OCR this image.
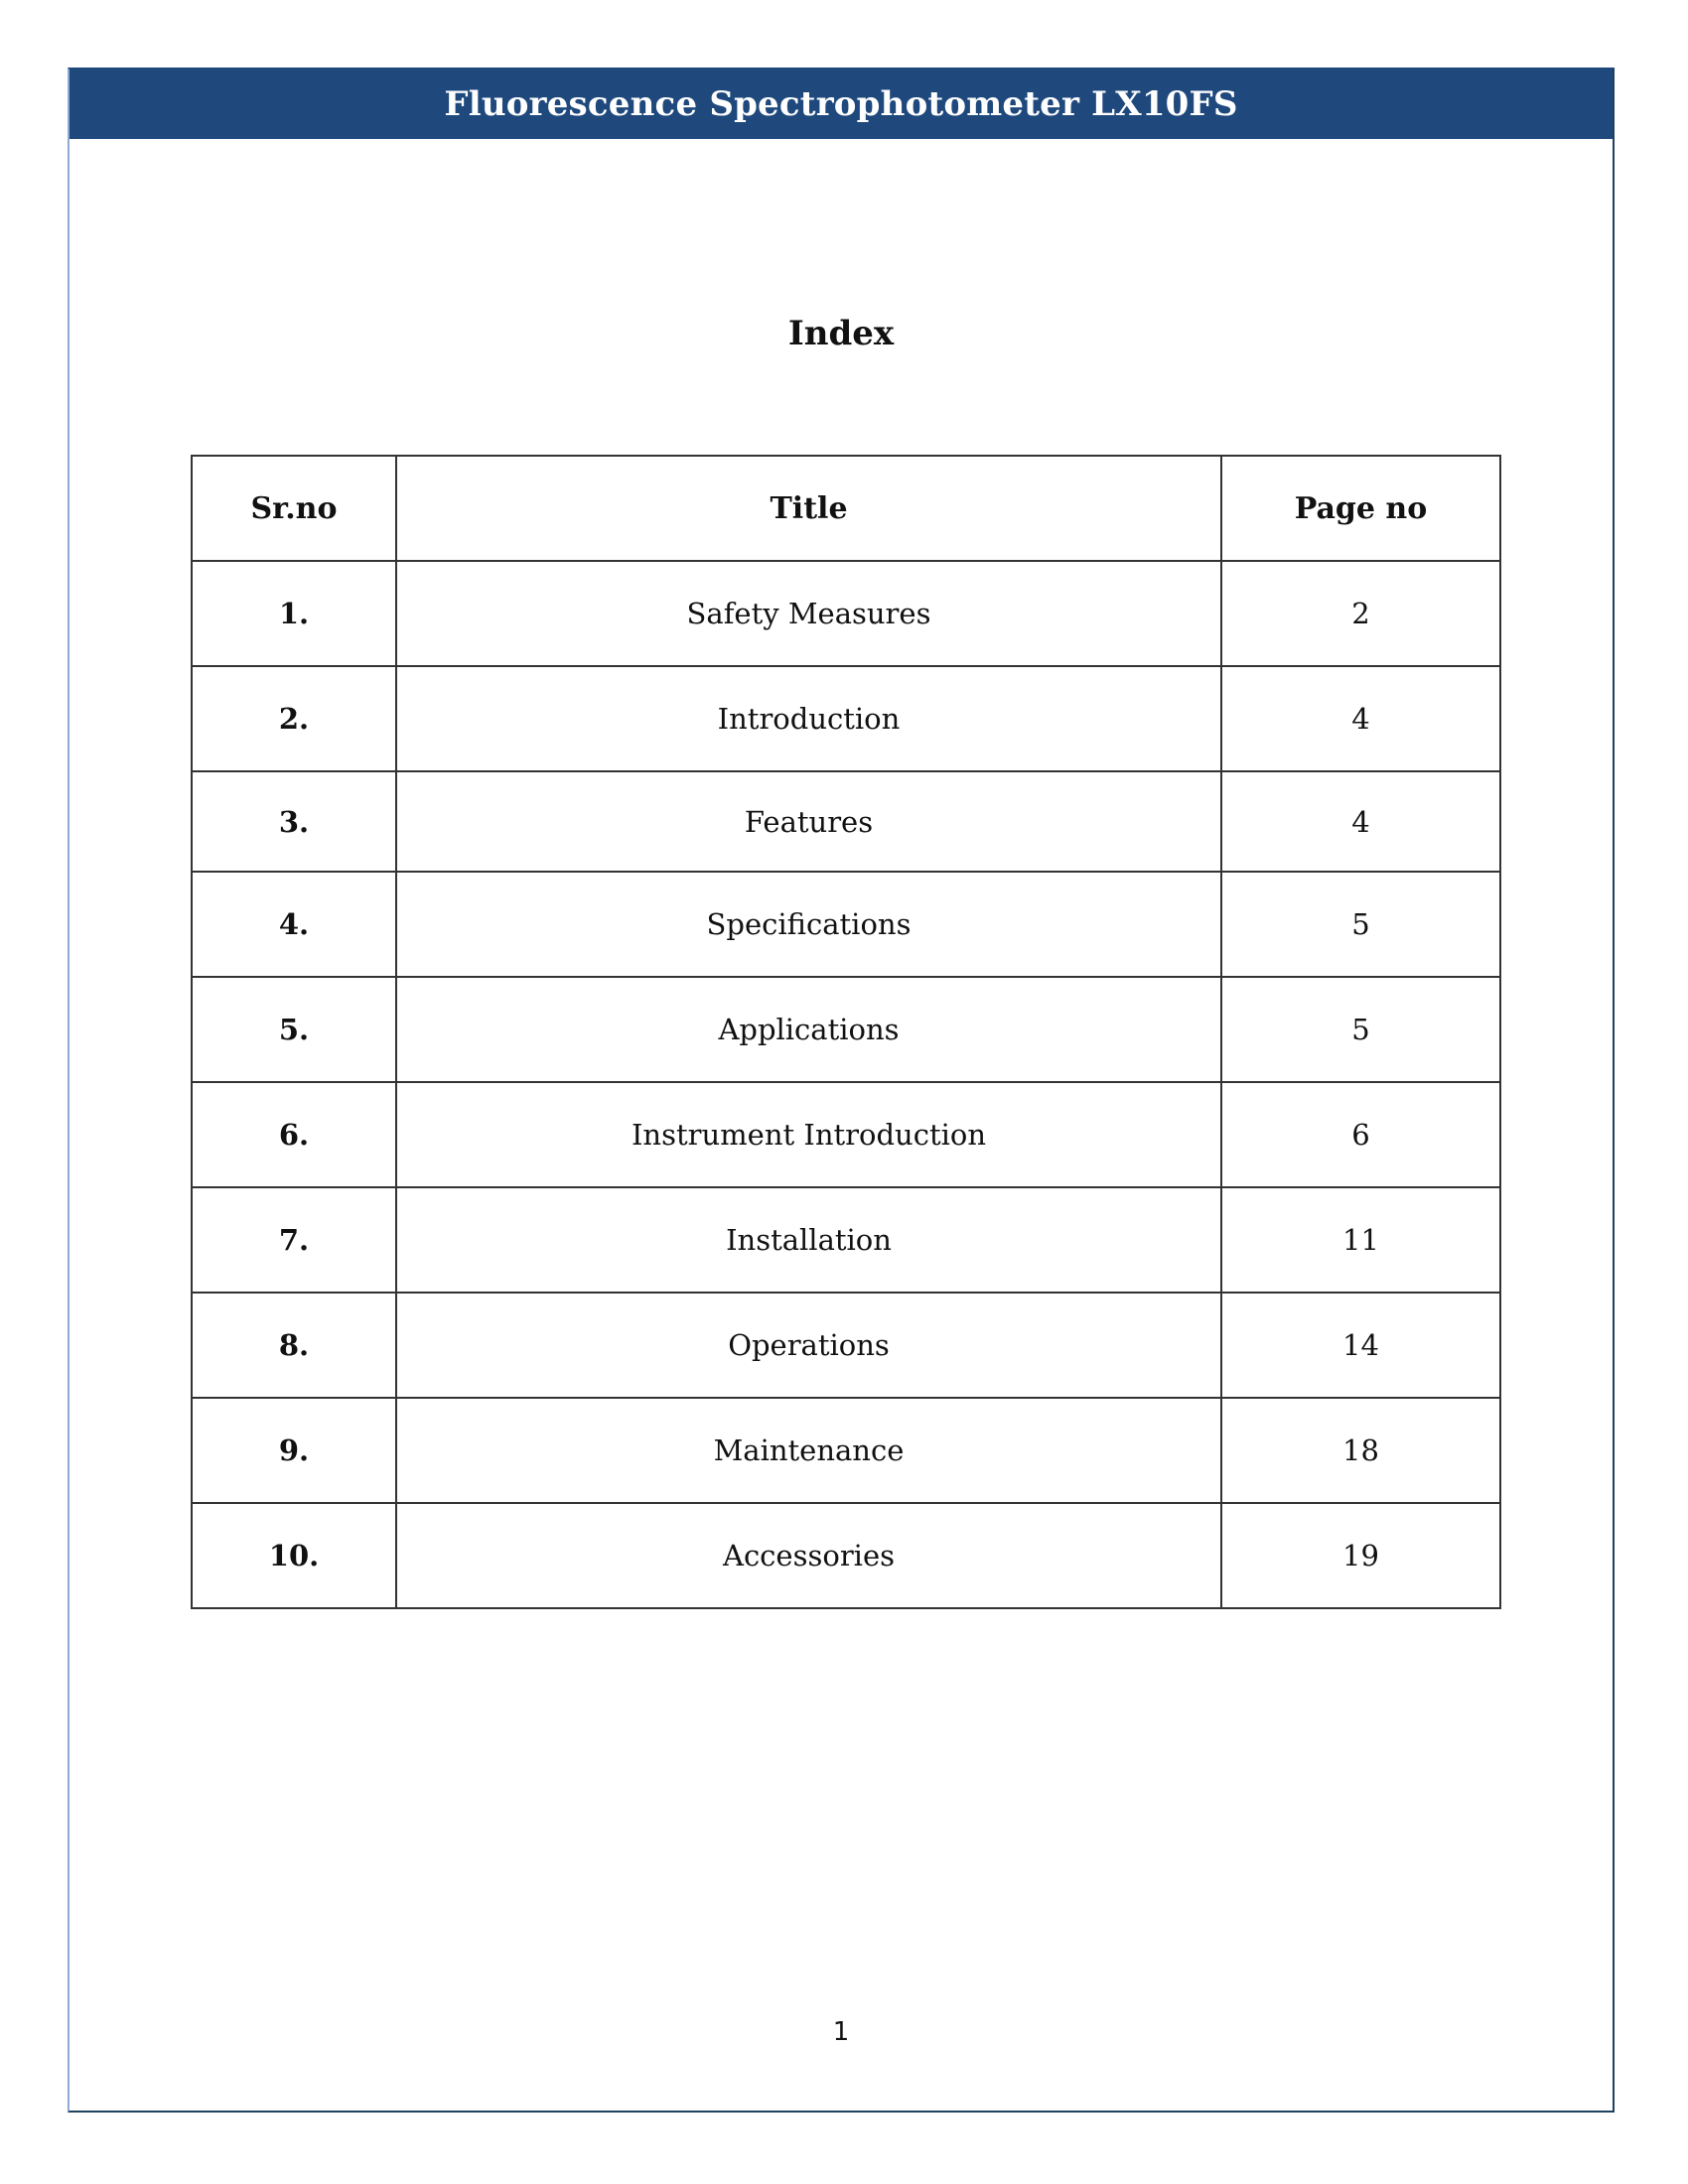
Fluorescence Spectrophotometer LX10FS
Index
Sr.no	Title	Page no
1.	Safety Measures	2
2.	Introduction	4
3.	Features	4
4.	Specifications	5
5.	Applications	5
6.	Instrument Introduction	6
7.	Installation	11
8.	Operations	14
9.	Maintenance	18
10.	Accessories	19
1
